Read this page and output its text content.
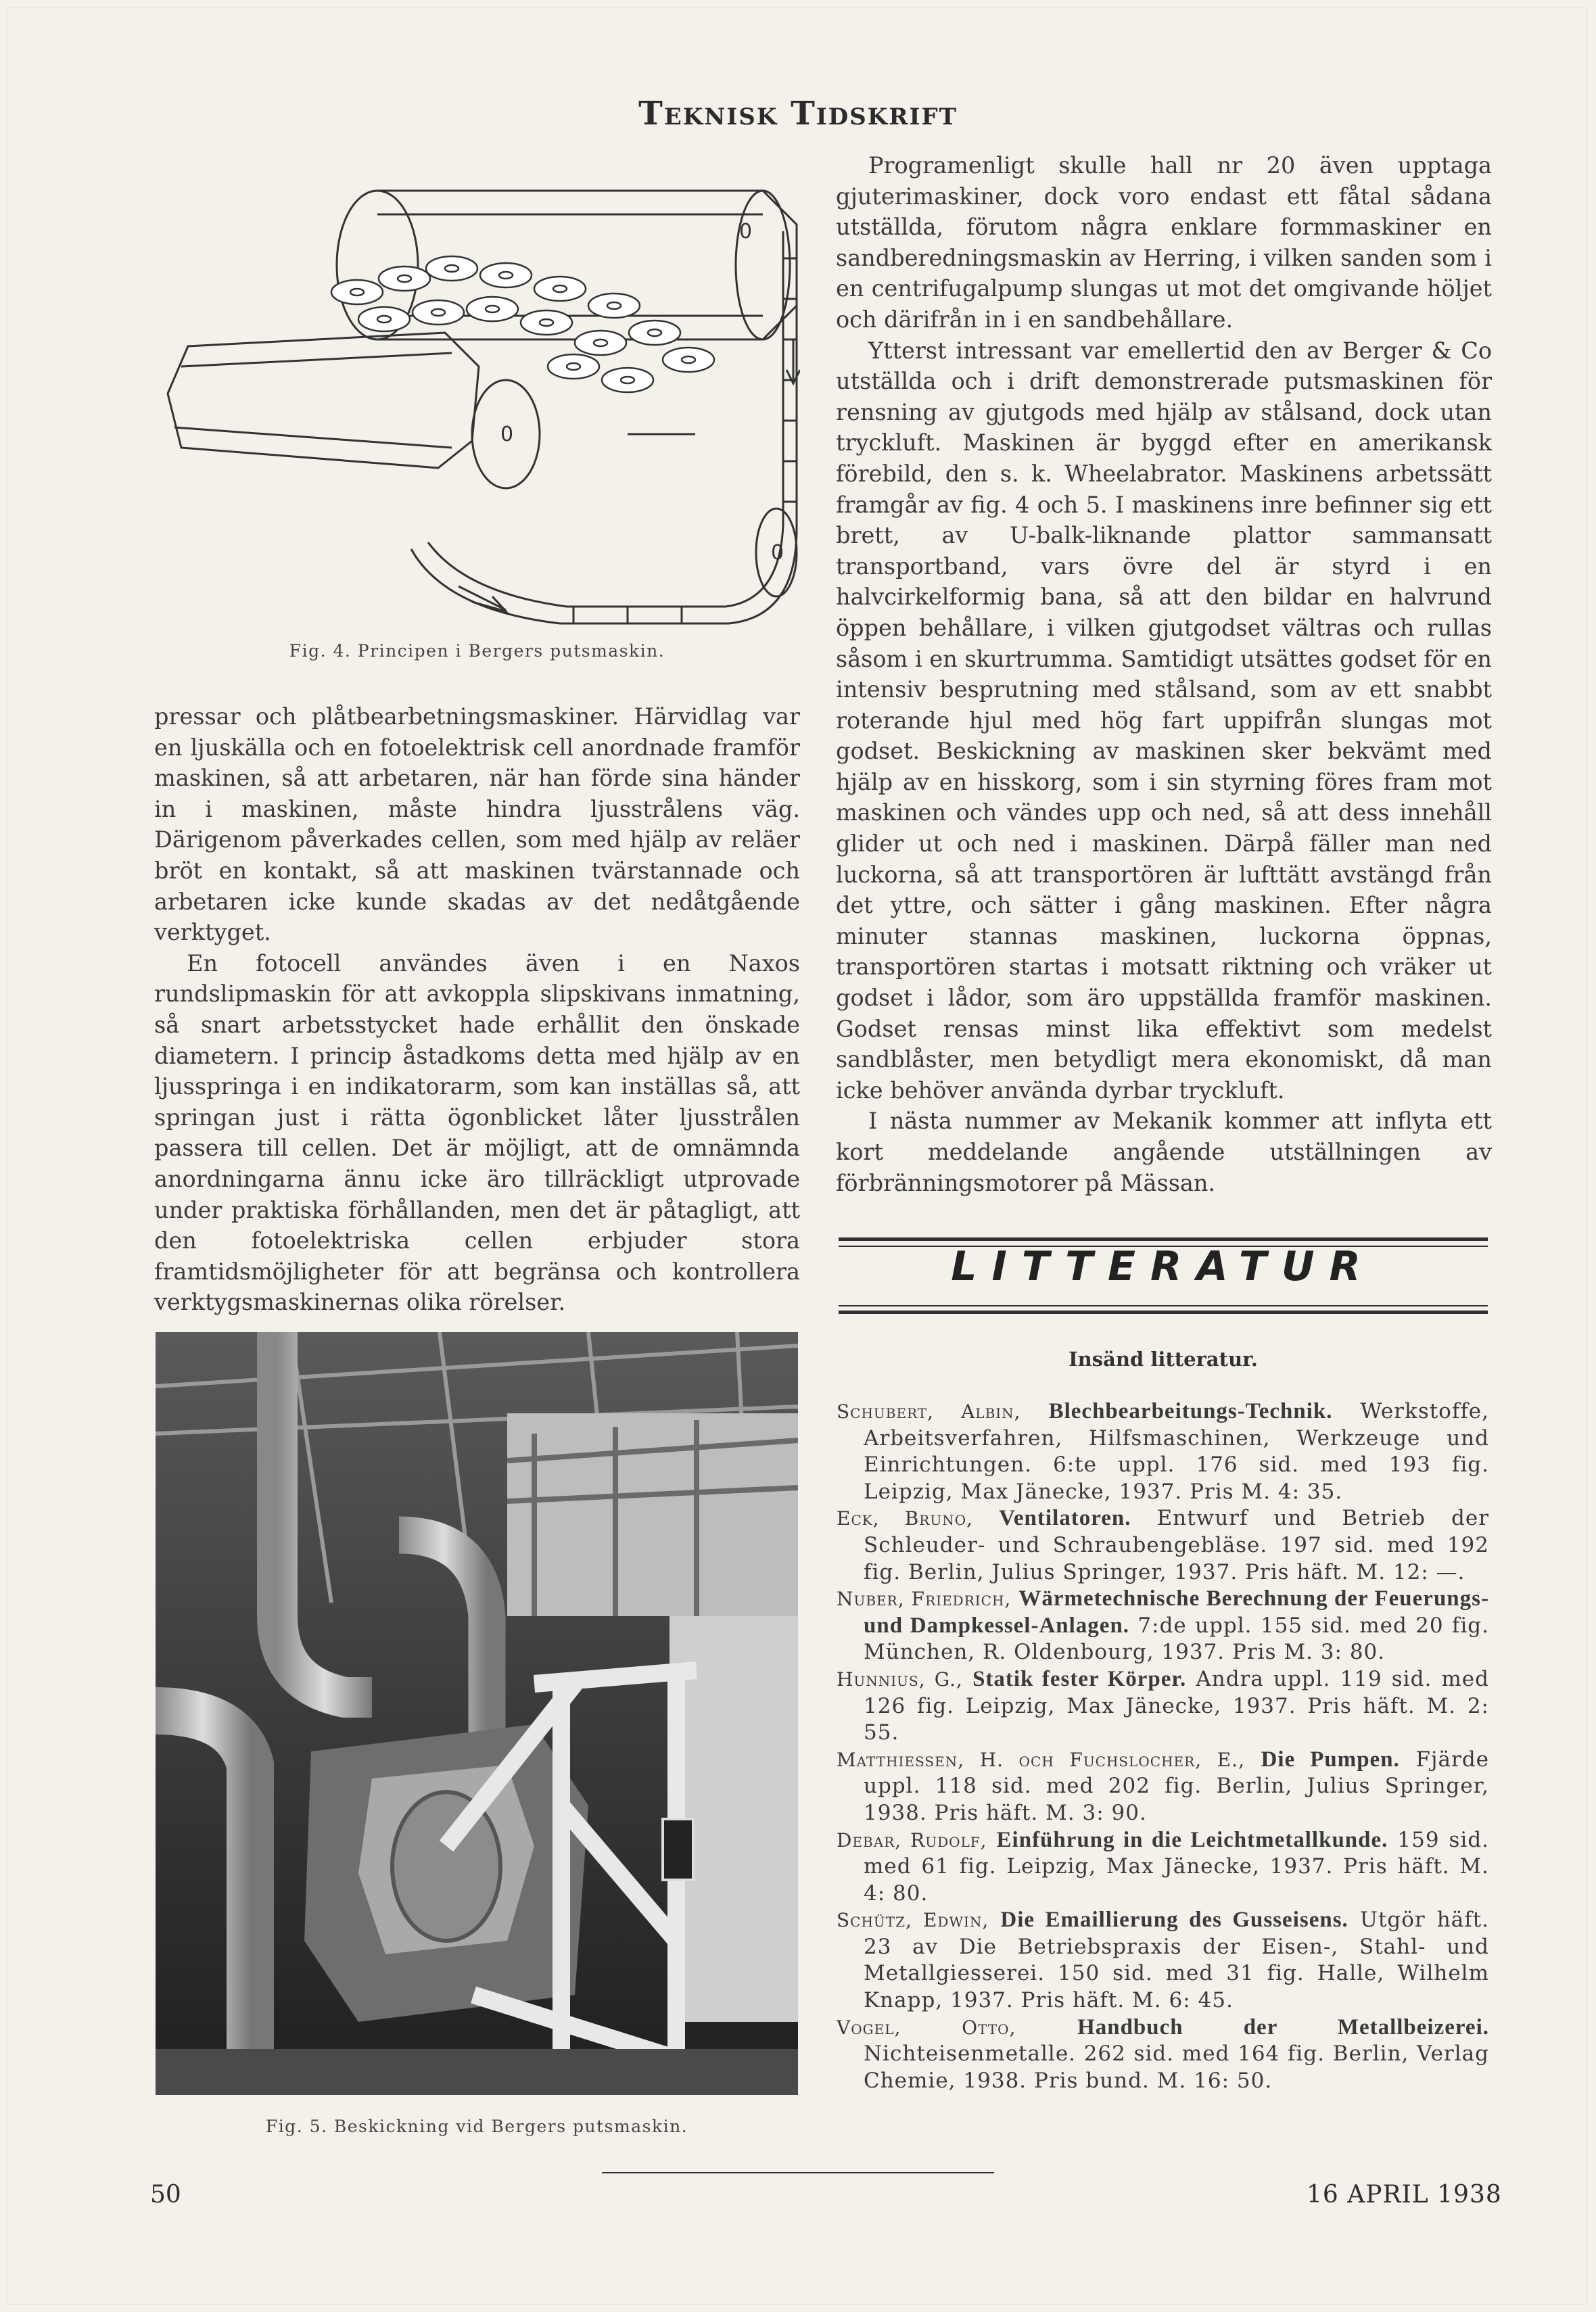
Teknisk Tidskrift
0
0
0
Fig. 4. Principen i Bergers putsmaskin.

pressar och plåtbearbetningsmaskiner. Härvidlag var en ljuskälla och en fotoelektrisk cell anordnade framför maskinen, så att arbetaren, när han förde sina händer in i maskinen, måste hindra ljusstrålens väg. Därigenom påverkades cellen, som med hjälp av reläer bröt en kontakt, så att maskinen tvärstannade och arbetaren icke kunde skadas av det nedåtgående verktyget.

En fotocell användes även i en Naxos rundslipmaskin för att avkoppla slipskivans inmatning, så snart arbetsstycket hade erhållit den önskade diametern. I princip åstadkoms detta med hjälp av en ljusspringa i en indikatorarm, som kan inställas så, att springan just i rätta ögonblicket låter ljusstrålen passera till cellen. Det är möjligt, att de omnämnda anordningarna ännu icke äro tillräckligt utprovade under praktiska förhållanden, men det är påtagligt, att den fotoelektriska cellen erbjuder stora framtidsmöjligheter för att begränsa och kontrollera verktygsmaskinernas olika rörelser.

Fig. 5. Beskickning vid Bergers putsmaskin.

Programenligt skulle hall nr 20 även upptaga gjuterimaskiner, dock voro endast ett fåtal sådana utställda, förutom några enklare formmaskiner en sandberedningsmaskin av Herring, i vilken sanden som i en centrifugalpump slungas ut mot det omgivande höljet och därifrån in i en sandbehållare.

Ytterst intressant var emellertid den av Berger & Co utställda och i drift demonstrerade putsmaskinen för rensning av gjutgods med hjälp av stålsand, dock utan tryckluft. Maskinen är byggd efter en amerikansk förebild, den s. k. Wheelabrator. Maskinens arbetssätt framgår av fig. 4 och 5. I maskinens inre befinner sig ett brett, av U-balk-liknande plattor sammansatt transportband, vars övre del är styrd i en halvcirkelformig bana, så att den bildar en halvrund öppen behållare, i vilken gjutgodset vältras och rullas såsom i en skurtrumma. Samtidigt utsättes godset för en intensiv besprutning med stålsand, som av ett snabbt roterande hjul med hög fart uppifrån slungas mot godset. Beskickning av maskinen sker bekvämt med hjälp av en hisskorg, som i sin styrning föres fram mot maskinen och vändes upp och ned, så att dess innehåll glider ut och ned i maskinen. Därpå fäller man ned luckorna, så att transportören är lufttätt avstängd från det yttre, och sätter i gång maskinen. Efter några minuter stannas maskinen, luckorna öppnas, transportören startas i motsatt riktning och vräker ut godset i lådor, som äro uppställda framför maskinen. Godset rensas minst lika effektivt som medelst sandblåster, men betydligt mera ekonomiskt, då man icke behöver använda dyrbar tryckluft.

I nästa nummer av Mekanik kommer att inflyta ett kort meddelande angående utställningen av förbränningsmotorer på Mässan.

LITTERATUR
Insänd litteratur.

Schubert, Albin, Blechbearbeitungs-Technik. Werkstoffe, Arbeitsverfahren, Hilfsmaschinen, Werkzeuge und Einrichtungen. 6:te uppl. 176 sid. med 193 fig. Leipzig, Max Jänecke, 1937. Pris M. 4: 35.

Eck, Bruno, Ventilatoren. Entwurf und Betrieb der Schleuder- und Schraubengebläse. 197 sid. med 192 fig. Berlin, Julius Springer, 1937. Pris häft. M. 12: —.

Nuber, Friedrich, Wärmetechnische Berechnung der Feuerungs- und Dampkessel-Anlagen. 7:de uppl. 155 sid. med 20 fig. München, R. Oldenbourg, 1937. Pris M. 3: 80.

Hunnius, G., Statik fester Körper. Andra uppl. 119 sid. med 126 fig. Leipzig, Max Jänecke, 1937. Pris häft. M. 2: 55.

Matthiessen, H. och Fuchslocher, E., Die Pumpen. Fjärde uppl. 118 sid. med 202 fig. Berlin, Julius Springer, 1938. Pris häft. M. 3: 90.

Debar, Rudolf, Einführung in die Leichtmetallkunde. 159 sid. med 61 fig. Leipzig, Max Jänecke, 1937. Pris häft. M. 4: 80.

Schütz, Edwin, Die Emaillierung des Gusseisens. Utgör häft. 23 av Die Betriebspraxis der Eisen-, Stahl- und Metallgiesserei. 150 sid. med 31 fig. Halle, Wilhelm Knapp, 1937. Pris häft. M. 6: 45.

Vogel, Otto,	Handbuch der Metallbeizerei. Nichteisenmetalle. 262 sid. med 164 fig. Berlin, Verlag Chemie, 1938. Pris bund. M. 16: 50.

50	16 APRIL 1938
